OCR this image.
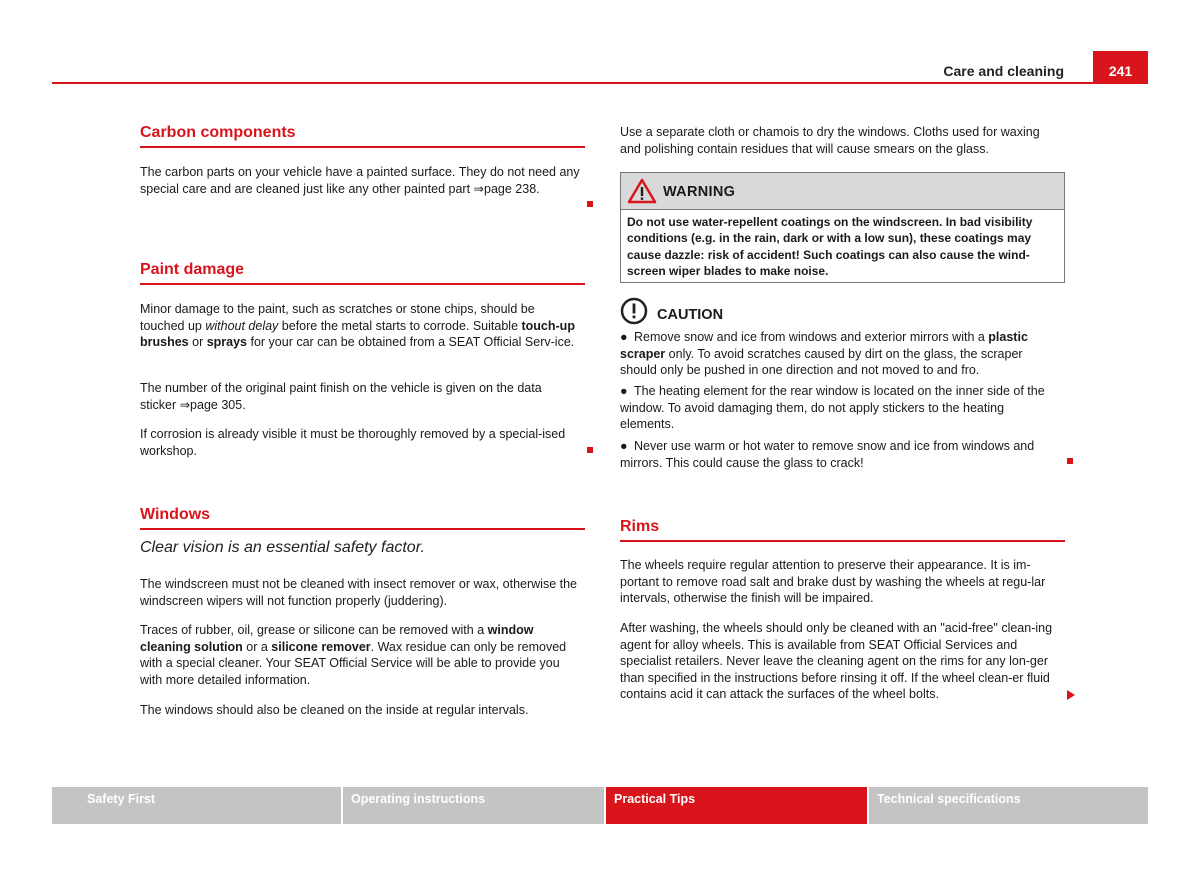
Care and cleaning	241
Carbon components

The carbon parts on your vehicle have a painted surface. They do not need any special care and are cleaned just like any other painted part ⇒page 238.

Paint damage

Minor damage to the paint, such as scratches or stone chips, should be touched up without delay before the metal starts to corrode. Suitable touch-up brushes or sprays for your car can be obtained from a SEAT Official Serv-ice.

The number of the original paint finish on the vehicle is given on the data sticker ⇒page 305.

If corrosion is already visible it must be thoroughly removed by a special-ised workshop.

Windows
Clear vision is an essential safety factor.

The windscreen must not be cleaned with insect remover or wax, otherwise the windscreen wipers will not function properly (juddering).

Traces of rubber, oil, grease or silicone can be removed with a window cleaning solution or a silicone remover. Wax residue can only be removed with a special cleaner. Your SEAT Official Service will be able to provide you with more detailed information.

The windows should also be cleaned on the inside at regular intervals.

Use a separate cloth or chamois to dry the windows. Cloths used for waxing and polishing contain residues that will cause smears on the glass.

WARNING

Do not use water-repellent coatings on the windscreen. In bad visibility conditions (e.g. in the rain, dark or with a low sun), these coatings may cause dazzle: risk of accident! Such coatings can also cause the wind-screen wiper blades to make noise.

CAUTION

● Remove snow and ice from windows and exterior mirrors with a plastic scraper only. To avoid scratches caused by dirt on the glass, the scraper should only be pushed in one direction and not moved to and fro.

● The heating element for the rear window is located on the inner side of the window. To avoid damaging them, do not apply stickers to the heating elements.

● Never use warm or hot water to remove snow and ice from windows and mirrors. This could cause the glass to crack!

Rims

The wheels require regular attention to preserve their appearance. It is im-portant to remove road salt and brake dust by washing the wheels at regu-lar intervals, otherwise the finish will be impaired.

After washing, the wheels should only be cleaned with an "acid-free" clean-ing agent for alloy wheels. This is available from SEAT Official Services and specialist retailers. Never leave the cleaning agent on the rims for any lon-ger than specified in the instructions before rinsing it off. If the wheel clean-er fluid contains acid it can attack the surfaces of the wheel bolts.

Safety First	Operating instructions	Practical Tips	Technical specifications
